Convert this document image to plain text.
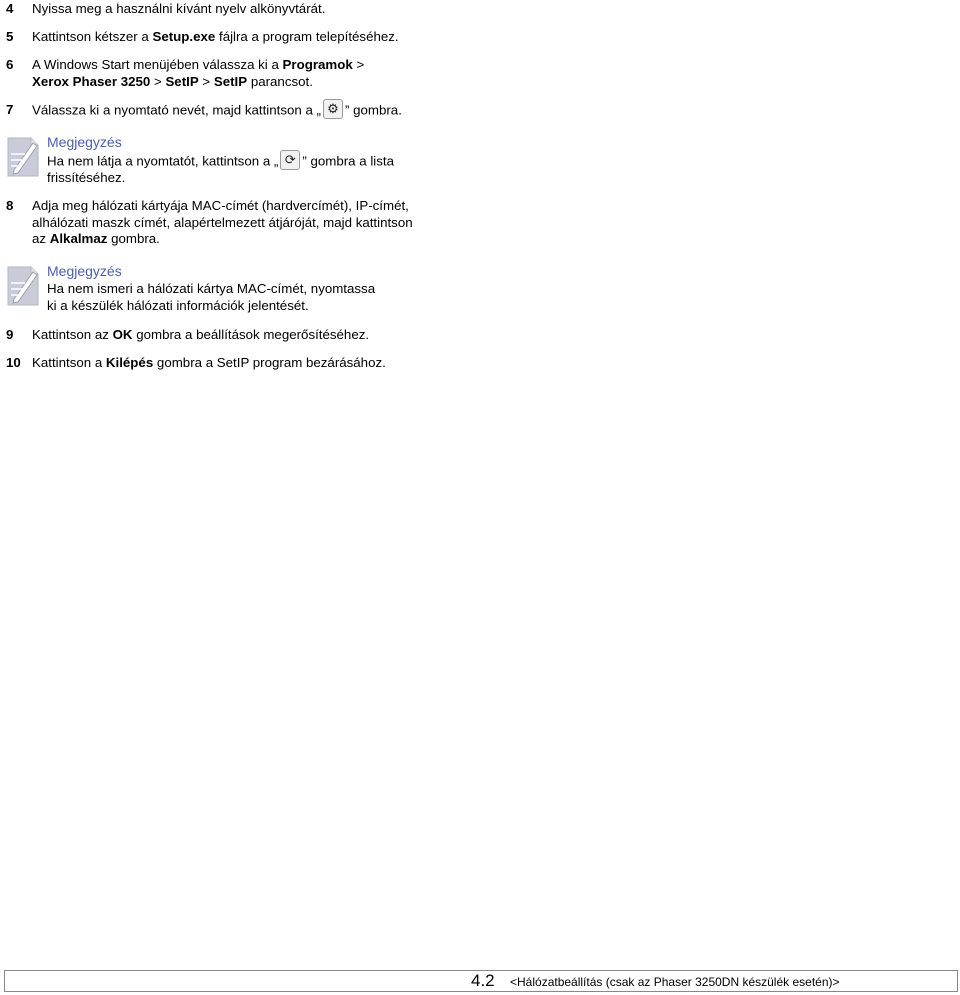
4 Nyissa meg a használni kívánt nyelv alkönyvtárát.
5 Kattintson kétszer a Setup.exe fájlra a program telepítéséhez.
6 A Windows Start menüjében válassza ki a Programok >
Xerox Phaser 3250 > SetIP > SetIP parancsot.
7 Válassza ki a nyomtató nevét, majd kattintson a „ ⚙ ” gombra.
Megjegyzés
Ha nem látja a nyomtatót, kattintson a „ ⟳ ” gombra a lista
frissítéséhez.
8 Adja meg hálózati kártyája MAC-címét (hardvercímét), IP-címét,
alhálózati maszk címét, alapértelmezett átjáróját, majd kattintson
az Alkalmaz gombra.
Megjegyzés
Ha nem ismeri a hálózati kártya MAC-címét, nyomtassa
ki a készülék hálózati információk jelentését.
9 Kattintson az OK gombra a beállítások megerősítéséhez.
10 Kattintson a Kilépés gombra a SetIP program bezárásához.
4.2 <Hálózatbeállítás (csak az Phaser 3250DN készülék esetén)>
